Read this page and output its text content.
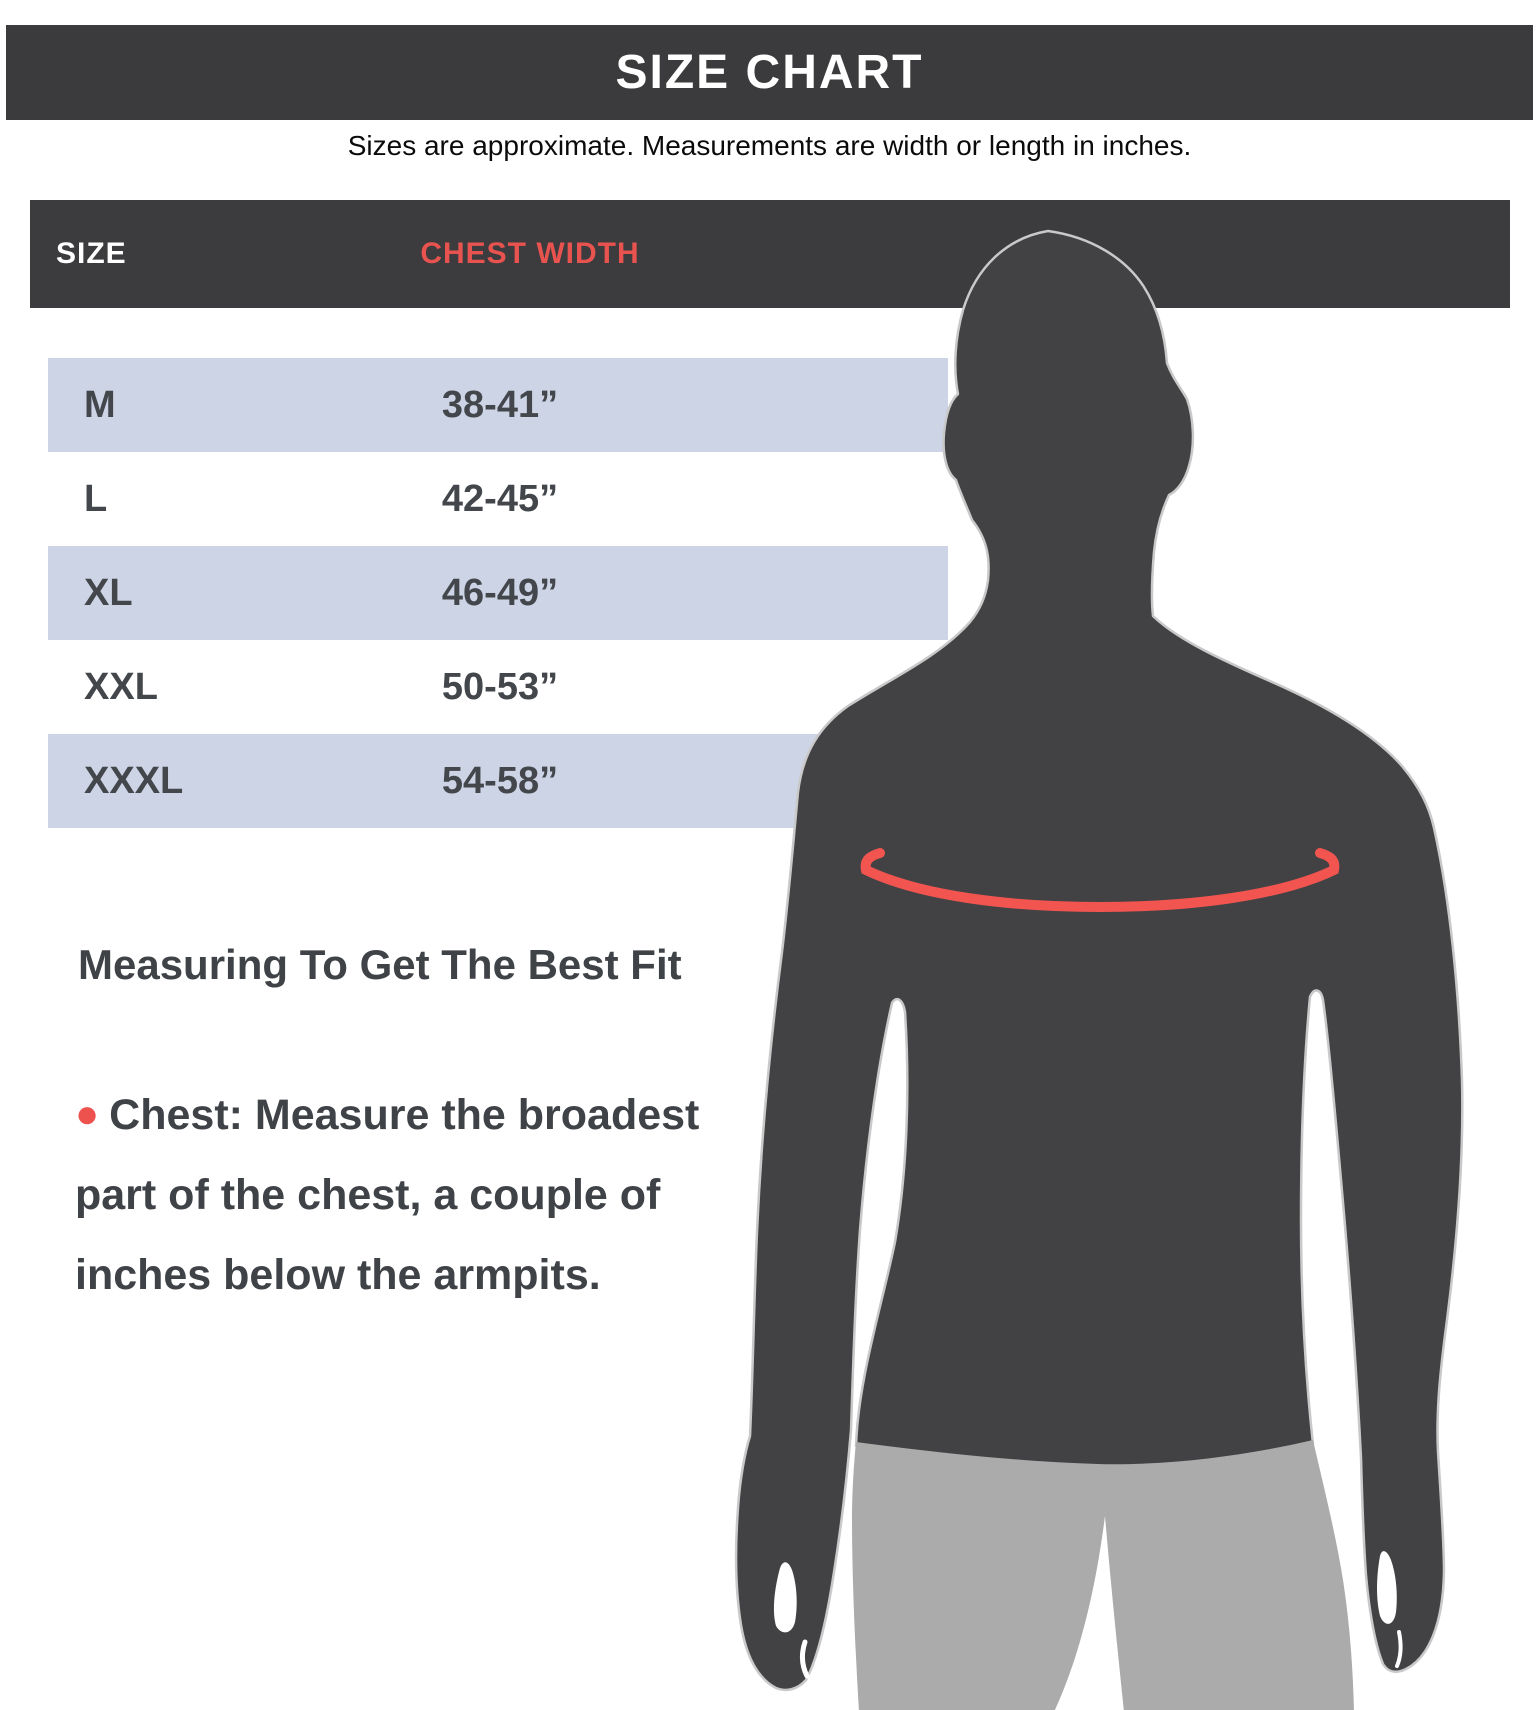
SIZE CHART
Sizes are approximate. Measurements are width or length in inches.
SIZE	CHEST WIDTH
M	38-41”
L	42-45”
XL	46-49”
XXL	50-53”
XXXL	54-58”
Measuring To Get The Best Fit
● Chest: Measure the broadest part of the chest, a couple of inches below the armpits.
